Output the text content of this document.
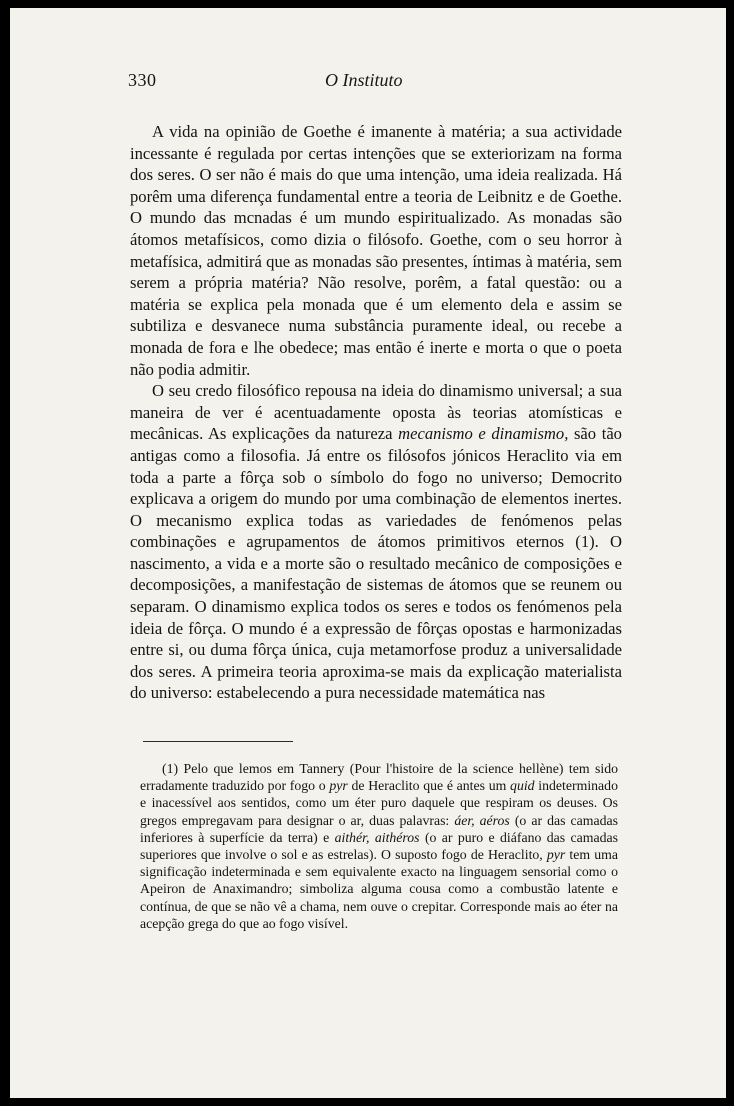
330	O Instituto

A vida na opinião de Goethe é imanente à matéria; a sua actividade incessante é regulada por certas intenções que se exteriorizam na forma dos seres. O ser não é mais do que uma intenção, uma ideia realizada. Há porêm uma diferença fundamental entre a teoria de Leibnitz e de Goethe. O mundo das mcnadas é um mundo espiritualizado. As monadas são átomos metafísicos, como dizia o filósofo. Goethe, com o seu horror à metafísica, admitirá que as monadas são presentes, íntimas à matéria, sem serem a própria matéria? Não resolve, porêm, a fatal questão: ou a matéria se explica pela monada que é um elemento dela e assim se subtiliza e desvanece numa substância puramente ideal, ou recebe a monada de fora e lhe obedece; mas então é inerte e morta o que o poeta não podia admitir.

O seu credo filosófico repousa na ideia do dinamismo universal; a sua maneira de ver é acentuadamente oposta às teorias atomísticas e mecânicas. As explicações da natureza mecanismo e dinamismo, são tão antigas como a filosofia. Já entre os filósofos jónicos Heraclito via em toda a parte a fôrça sob o símbolo do fogo no universo; Democrito explicava a origem do mundo por uma combinação de elementos inertes. O mecanismo explica todas as variedades de fenómenos pelas combinações e agrupamentos de átomos primitivos eternos (1). O nascimento, a vida e a morte são o resultado mecânico de composições e decomposições, a manifestação de sistemas de átomos que se reunem ou separam. O dinamismo explica todos os seres e todos os fenómenos pela ideia de fôrça. O mundo é a expressão de fôrças opostas e harmonizadas entre si, ou duma fôrça única, cuja metamorfose produz a universalidade dos seres. A primeira teoria aproxima-se mais da explicação materialista do universo: estabelecendo a pura necessidade matemática nas

(1) Pelo que lemos em Tannery (Pour l'histoire de la science hellène) tem sido erradamente traduzido por fogo o pyr de Heraclito que é antes um quid indeterminado e inacessível aos sentidos, como um éter puro daquele que respiram os deuses. Os gregos empregavam para designar o ar, duas palavras: áer, aéros (o ar das camadas inferiores à superfície da terra) e aithér, aithéros (o ar puro e diáfano das camadas superiores que involve o sol e as estrelas). O suposto fogo de Heraclito, pyr tem uma significação indeterminada e sem equivalente exacto na linguagem sensorial como o Apeiron de Anaximandro; simboliza alguma cousa como a combustão latente e contínua, de que se não vê a chama, nem ouve o crepitar. Corresponde mais ao éter na acepção grega do que ao fogo visível.
